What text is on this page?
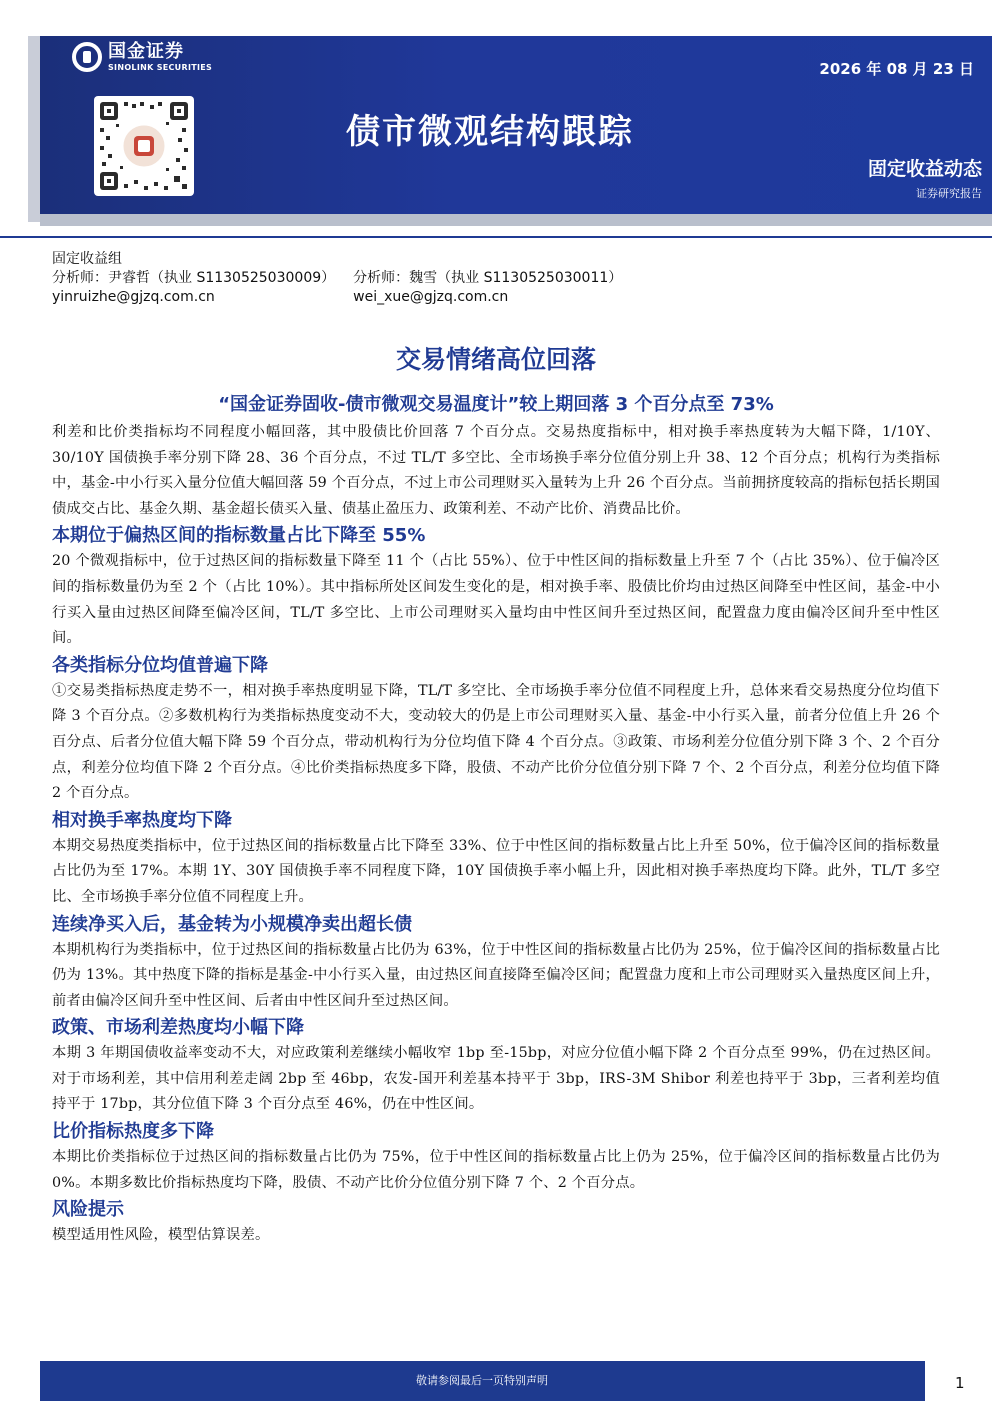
国金证券
SINOLINK SECURITIES	2026 年 08 月 23 日
债市微观结构跟踪
固定收益动态
证券研究报告
固定收益组
分析师：尹睿哲（执业 S1130525030009）
yinruizhe@gjzq.com.cn
分析师：魏雪（执业 S1130525030011）
wei_xue@gjzq.com.cn
交易情绪高位回落
“国金证券固收-债市微观交易温度计”较上期回落 3 个百分点至 73%

利差和比价类指标均不同程度小幅回落，其中股债比价回落 7 个百分点。交易热度指标中，相对换手率热度转为大幅下降，1/10Y、30/10Y 国债换手率分别下降 28、36 个百分点，不过 TL/T 多空比、全市场换手率分位值分别上升 38、12 个百分点；机构行为类指标中，基金-中小行买入量分位值大幅回落 59 个百分点，不过上市公司理财买入量转为上升 26 个百分点。当前拥挤度较高的指标包括长期国债成交占比、基金久期、基金超长债买入量、债基止盈压力、政策利差、不动产比价、消费品比价。

本期位于偏热区间的指标数量占比下降至 55%

20 个微观指标中，位于过热区间的指标数量下降至 11 个（占比 55%）、位于中性区间的指标数量上升至 7 个（占比 35%）、位于偏冷区间的指标数量仍为至 2 个（占比 10%）。其中指标所处区间发生变化的是，相对换手率、股债比价均由过热区间降至中性区间，基金-中小行买入量由过热区间降至偏冷区间，TL/T 多空比、上市公司理财买入量均由中性区间升至过热区间，配置盘力度由偏冷区间升至中性区间。

各类指标分位均值普遍下降

①交易类指标热度走势不一，相对换手率热度明显下降，TL/T 多空比、全市场换手率分位值不同程度上升，总体来看交易热度分位均值下降 3 个百分点。②多数机构行为类指标热度变动不大，变动较大的仍是上市公司理财买入量、基金-中小行买入量，前者分位值上升 26 个百分点、后者分位值大幅下降 59 个百分点，带动机构行为分位均值下降 4 个百分点。③政策、市场利差分位值分别下降 3 个、2 个百分点，利差分位均值下降 2 个百分点。④比价类指标热度多下降，股债、不动产比价分位值分别下降 7 个、2 个百分点，利差分位均值下降 2 个百分点。

相对换手率热度均下降

本期交易热度类指标中，位于过热区间的指标数量占比下降至 33%、位于中性区间的指标数量占比上升至 50%，位于偏冷区间的指标数量占比仍为至 17%。本期 1Y、30Y 国债换手率不同程度下降，10Y 国债换手率小幅上升，因此相对换手率热度均下降。此外，TL/T 多空比、全市场换手率分位值不同程度上升。

连续净买入后，基金转为小规模净卖出超长债

本期机构行为类指标中，位于过热区间的指标数量占比仍为 63%，位于中性区间的指标数量占比仍为 25%，位于偏冷区间的指标数量占比仍为 13%。其中热度下降的指标是基金-中小行买入量，由过热区间直接降至偏冷区间；配置盘力度和上市公司理财买入量热度区间上升，前者由偏冷区间升至中性区间、后者由中性区间升至过热区间。

政策、市场利差热度均小幅下降

本期 3 年期国债收益率变动不大，对应政策利差继续小幅收窄 1bp 至-15bp，对应分位值小幅下降 2 个百分点至 99%，仍在过热区间。对于市场利差，其中信用利差走阔 2bp 至 46bp，农发-国开利差基本持平于 3bp，IRS-3M Shibor 利差也持平于 3bp，三者利差均值持平于 17bp，其分位值下降 3 个百分点至 46%，仍在中性区间。

比价指标热度多下降

本期比价类指标位于过热区间的指标数量占比仍为 75%，位于中性区间的指标数量占比上仍为 25%，位于偏冷区间的指标数量占比仍为 0%。本期多数比价指标热度均下降，股债、不动产比价分位值分别下降 7 个、2 个百分点。

风险提示

模型适用性风险，模型估算误差。

敬请参阅最后一页特别声明	1
